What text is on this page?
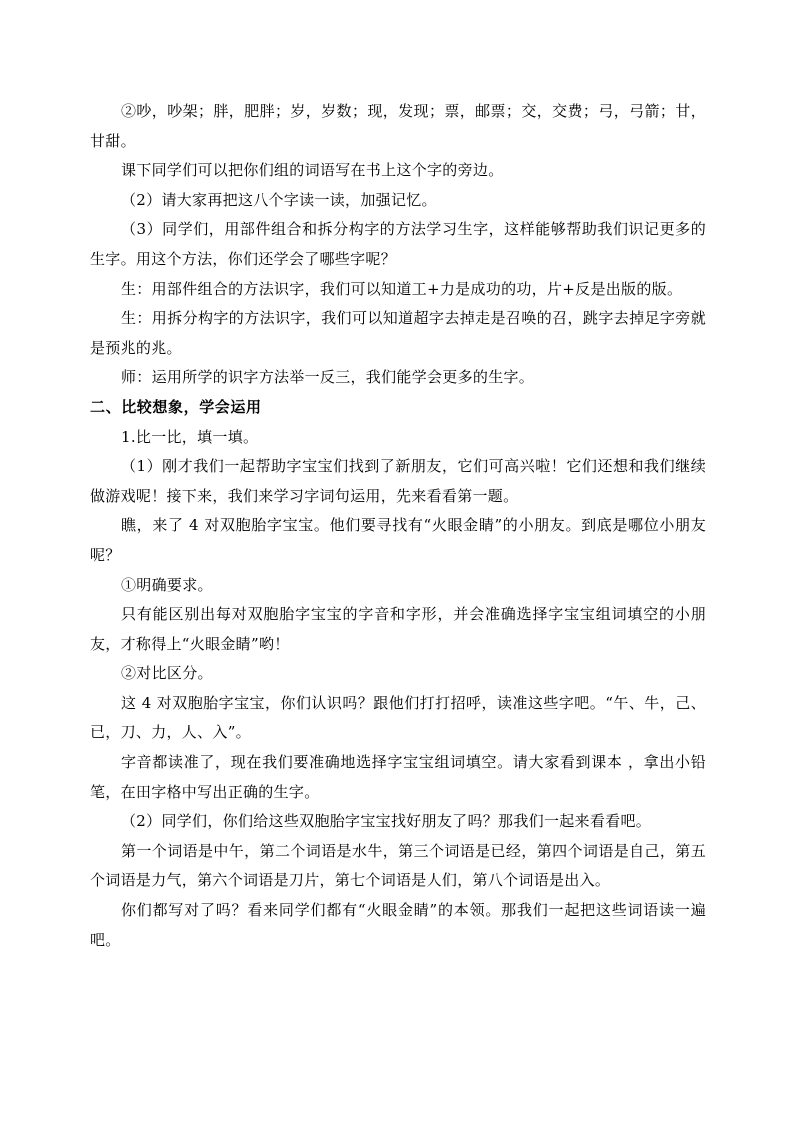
②吵，吵架；胖，肥胖；岁，岁数；现，发现；票，邮票；交，交费；弓，弓箭；甘，甘甜。

课下同学们可以把你们组的词语写在书上这个字的旁边。

（2）请大家再把这八个字读一读，加强记忆。

（3）同学们，用部件组合和拆分构字的方法学习生字，这样能够帮助我们识记更多的生字。用这个方法，你们还学会了哪些字呢？

生：用部件组合的方法识字，我们可以知道工+力是成功的功，片+反是出版的版。

生：用拆分构字的方法识字，我们可以知道超字去掉走是召唤的召，跳字去掉足字旁就是预兆的兆。

师：运用所学的识字方法举一反三，我们能学会更多的生字。

二、比较想象，学会运用

1.比一比，填一填。

（1）刚才我们一起帮助字宝宝们找到了新朋友，它们可高兴啦！它们还想和我们继续做游戏呢！接下来，我们来学习字词句运用，先来看看第一题。

瞧，来了 4 对双胞胎字宝宝。他们要寻找有“火眼金睛”的小朋友。到底是哪位小朋友呢？

①明确要求。

只有能区别出每对双胞胎字宝宝的字音和字形，并会准确选择字宝宝组词填空的小朋友，才称得上“火眼金睛”哟！

②对比区分。

这 4 对双胞胎字宝宝，你们认识吗？跟他们打打招呼，读准这些字吧。“午、牛，己、已，刀、力，人、入”。

字音都读准了，现在我们要准确地选择字宝宝组词填空。请大家看到课本 ，拿出小铅笔，在田字格中写出正确的生字。

（2）同学们，你们给这些双胞胎字宝宝找好朋友了吗？那我们一起来看看吧。

第一个词语是中午，第二个词语是水牛，第三个词语是已经，第四个词语是自己，第五个词语是力气，第六个词语是刀片，第七个词语是人们，第八个词语是出入。

你们都写对了吗？看来同学们都有“火眼金睛”的本领。那我们一起把这些词语读一遍吧。
